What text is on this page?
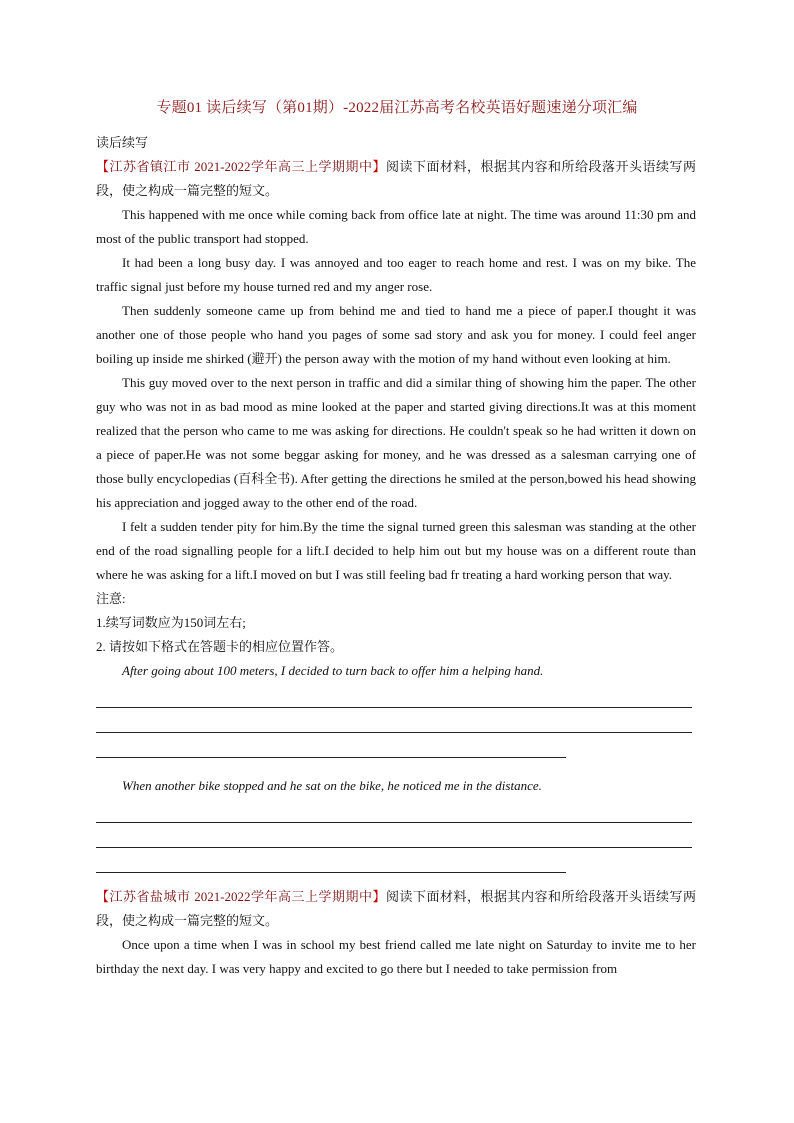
专题01 读后续写（第01期）-2022届江苏高考名校英语好题速递分项汇编

读后续写

【江苏省镇江市 2021-2022学年高三上学期期中】阅读下面材料，根据其内容和所给段落开头语续写两段，使之构成一篇完整的短文。

This happened with me once while coming back from office late at night. The time was around 11:30 pm and most of the public transport had stopped.

It had been a long busy day. I was annoyed and too eager to reach home and rest. I was on my bike. The traffic signal just before my house turned red and my anger rose.

Then suddenly someone came up from behind me and tied to hand me a piece of paper.I thought it was another one of those people who hand you pages of some sad story and ask you for money. I could feel anger boiling up inside me shirked (避开) the person away with the motion of my hand without even looking at him.

This guy moved over to the next person in traffic and did a similar thing of showing him the paper. The other guy who was not in as bad mood as mine looked at the paper and started giving directions.It was at this moment realized that the person who came to me was asking for directions. He couldn't speak so he had written it down on a piece of paper.He was not some beggar asking for money, and he was dressed as a salesman carrying one of those bully encyclopedias (百科全书). After getting the directions he smiled at the person,bowed his head showing his appreciation and jogged away to the other end of the road.

I felt a sudden tender pity for him.By the time the signal turned green this salesman was standing at the other end of the road signalling people for a lift.I decided to help him out but my house was on a different route than where he was asking for a lift.I moved on but I was still feeling bad fr treating a hard working person that way.

注意:

1.续写词数应为150词左右;

2. 请按如下格式在答题卡的相应位置作答。

After going about 100 meters, I decided to turn back to offer him a helping hand.

When another bike stopped and he sat on the bike, he noticed me in the distance.

【江苏省盐城市 2021-2022学年高三上学期期中】阅读下面材料，根据其内容和所给段落开头语续写两段，使之构成一篇完整的短文。

Once upon a time when I was in school my best friend called me late night on Saturday to invite me to her birthday the next day. I was very happy and excited to go there but I needed to take permission from
